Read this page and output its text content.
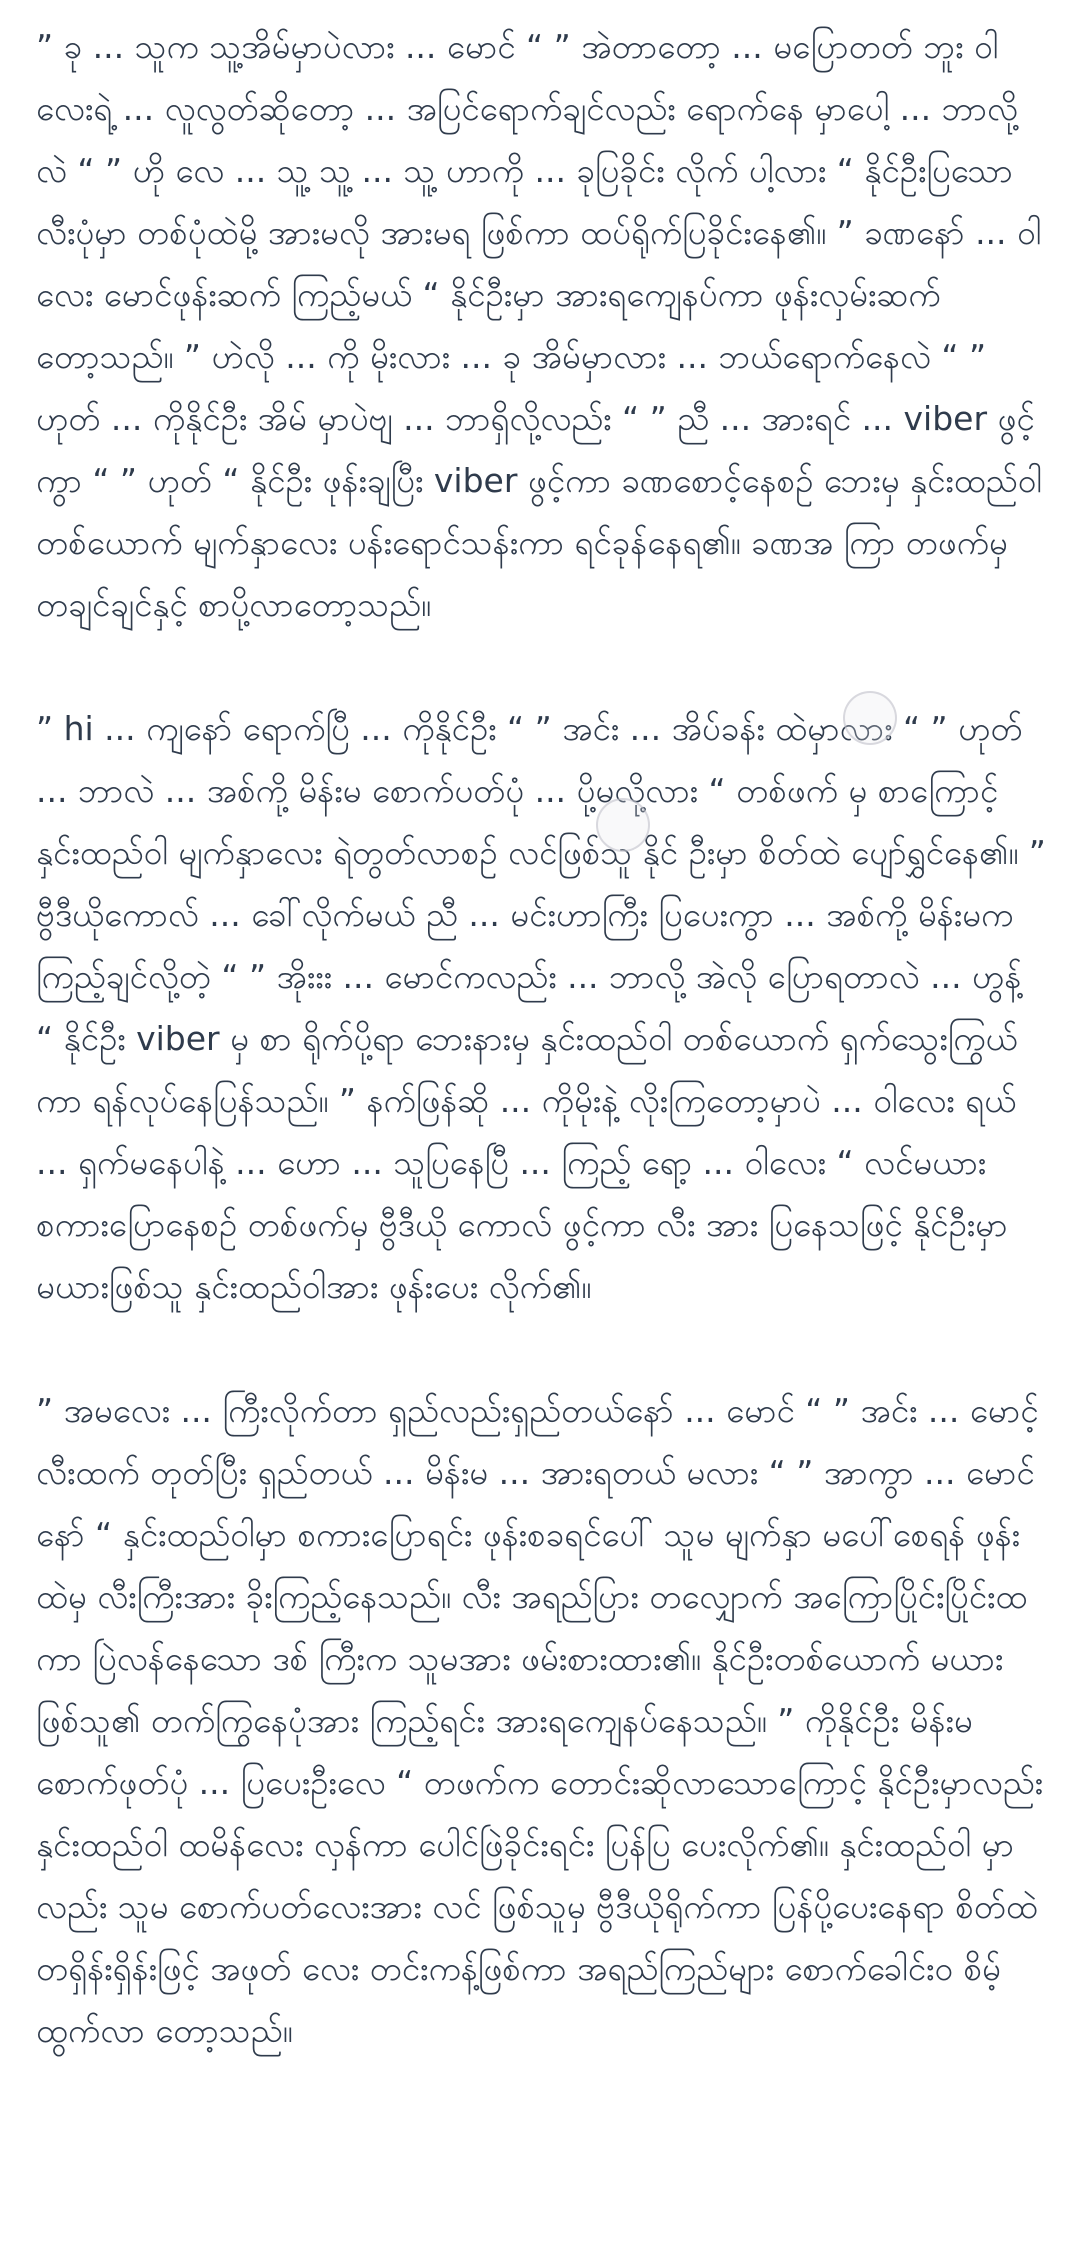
” ခု ... သူက သူ့အိမ်မှာပဲလား ... မောင် “ ” အဲတာတော့ ... မပြောတတ် ဘူး ဝါလေးရဲ့ ... လူလွတ်ဆိုတော့ ... အပြင်ရောက်ချင်လည်း ရောက်နေ မှာပေါ့ ... ဘာလို့လဲ “ ” ဟို လေ ... သူ့ သူ့ ... သူ့ ဟာကို ... ခုပြခိုင်း လိုက် ပါ့လား “ နိုင်ဦးပြသော လီးပုံမှာ တစ်ပုံထဲမို့ အားမလို အားမရ ဖြစ်ကာ ထပ်ရိုက်ပြခိုင်းနေ၏။ ” ခဏနော် ... ဝါလေး မောင်ဖုန်းဆက် ကြည့်မယ် “ နိုင်ဦးမှာ အားရကျေနပ်ကာ ဖုန်းလှမ်းဆက် တော့သည်။ ” ဟဲလို ... ကို မိုးလား ... ခု အိမ်မှာလား ... ဘယ်ရောက်နေလဲ “ ” ဟုတ် ... ကိုနိုင်ဦး အိမ် မှာပဲဗျ ... ဘာရှိလို့လည်း “ ” ညီ ... အားရင် ... viber ဖွင့်ကွာ “ ” ဟုတ် “ နိုင်ဦး ဖုန်းချပြီး viber ဖွင့်ကာ ခဏစောင့်နေစဉ် ဘေးမှ နှင်းထည်ဝါ တစ်ယောက် မျက်နှာလေး ပန်းရောင်သန်းကာ ရင်ခုန်နေရ၏။ ခဏအ ကြာ တဖက်မှ တချင်ချင်နှင့် စာပို့လာတော့သည်။

” hi ... ကျနော် ရောက်ပြီ ... ကိုနိုင်ဦး “ ” အင်း ... အိပ်ခန်း ထဲမှာလား “ ” ဟုတ် ... ဘာလဲ ... အစ်ကို့ မိန်းမ စောက်ပတ်ပုံ ... ပို့မလို့လား “ တစ်ဖက် မှ စာကြောင့် နှင်းထည်ဝါ မျက်နှာလေး ရဲတွတ်လာစဉ် လင်ဖြစ်သူ နိုင် ဦးမှာ စိတ်ထဲ ပျော်ရွှင်နေ၏။ ” ဗွီဒီယိုကောလ် ... ခေါ်လိုက်မယ် ညီ ... မင်းဟာကြီး ပြပေးကွာ ... အစ်ကို့ မိန်းမက ကြည့်ချင်လို့တဲ့ “ ” အိုးးး ... မောင်ကလည်း ... ဘာလို့ အဲလို ပြောရတာလဲ ... ဟွန့် “ နိုင်ဦး viber မှ စာ ရိုက်ပို့ရာ ဘေးနားမှ နှင်းထည်ဝါ တစ်ယောက် ရှက်သွေးကြွယ်ကာ ရန်လုပ်နေပြန်သည်။ ” နက်ဖြန်ဆို ... ကိုမိုးနဲ့ လိုးကြတော့မှာပဲ ... ဝါလေး ရယ် ... ရှက်မနေပါနဲ့ ... ဟော ... သူပြနေပြီ ... ကြည့် ရော့ ... ဝါလေး “ လင်မယား စကားပြောနေစဉ် တစ်ဖက်မှ ဗွီဒီယို ကောလ် ဖွင့်ကာ လီး အား ပြနေသဖြင့် နိုင်ဦးမှာ မယားဖြစ်သူ နှင်းထည်ဝါအား ဖုန်းပေး လိုက်၏။

” အမလေး ... ကြီးလိုက်တာ ရှည်လည်းရှည်တယ်နော် ... မောင် “ ” အင်း ... မောင့် လီးထက် တုတ်ပြီး ရှည်တယ် ... မိန်းမ ... အားရတယ် မလား “ ” အာကွာ ... မောင်နော် “ နှင်းထည်ဝါမှာ စကားပြောရင်း ဖုန်းစခရင်ပေါ် သူမ မျက်နှာ မပေါ်စေရန် ဖုန်းထဲမှ လီးကြီးအား ခိုးကြည့်နေသည်။ လီး အရည်ပြား တလျှောက် အကြောပြိုင်းပြိုင်းထကာ ပြဲလန်နေသော ဒစ် ကြီးက သူမအား ဖမ်းစားထား၏။ နိုင်ဦးတစ်ယောက် မယားဖြစ်သူ၏ တက်ကြွနေပုံအား ကြည့်ရင်း အားရကျေနပ်နေသည်။ ” ကိုနိုင်ဦး မိန်းမ စောက်ဖုတ်ပုံ ... ပြပေးဦးလေ “ တဖက်က တောင်းဆိုလာသောကြောင့် နိုင်ဦးမှာလည်း နှင်းထည်ဝါ ထမိန်လေး လှန်ကာ ပေါင်ဖြဲခိုင်းရင်း ပြန်ပြ ပေးလိုက်၏။ နှင်းထည်ဝါ မှာလည်း သူမ စောက်ပတ်လေးအား လင် ဖြစ်သူမှ ဗွီဒီယိုရိုက်ကာ ပြန်ပို့ပေးနေရာ စိတ်ထဲ တရှိန်းရှိန်းဖြင့် အဖုတ် လေး တင်းကန့်ဖြစ်ကာ အရည်ကြည်များ စောက်ခေါင်းဝ စိမ့်ထွက်လာ တော့သည်။
